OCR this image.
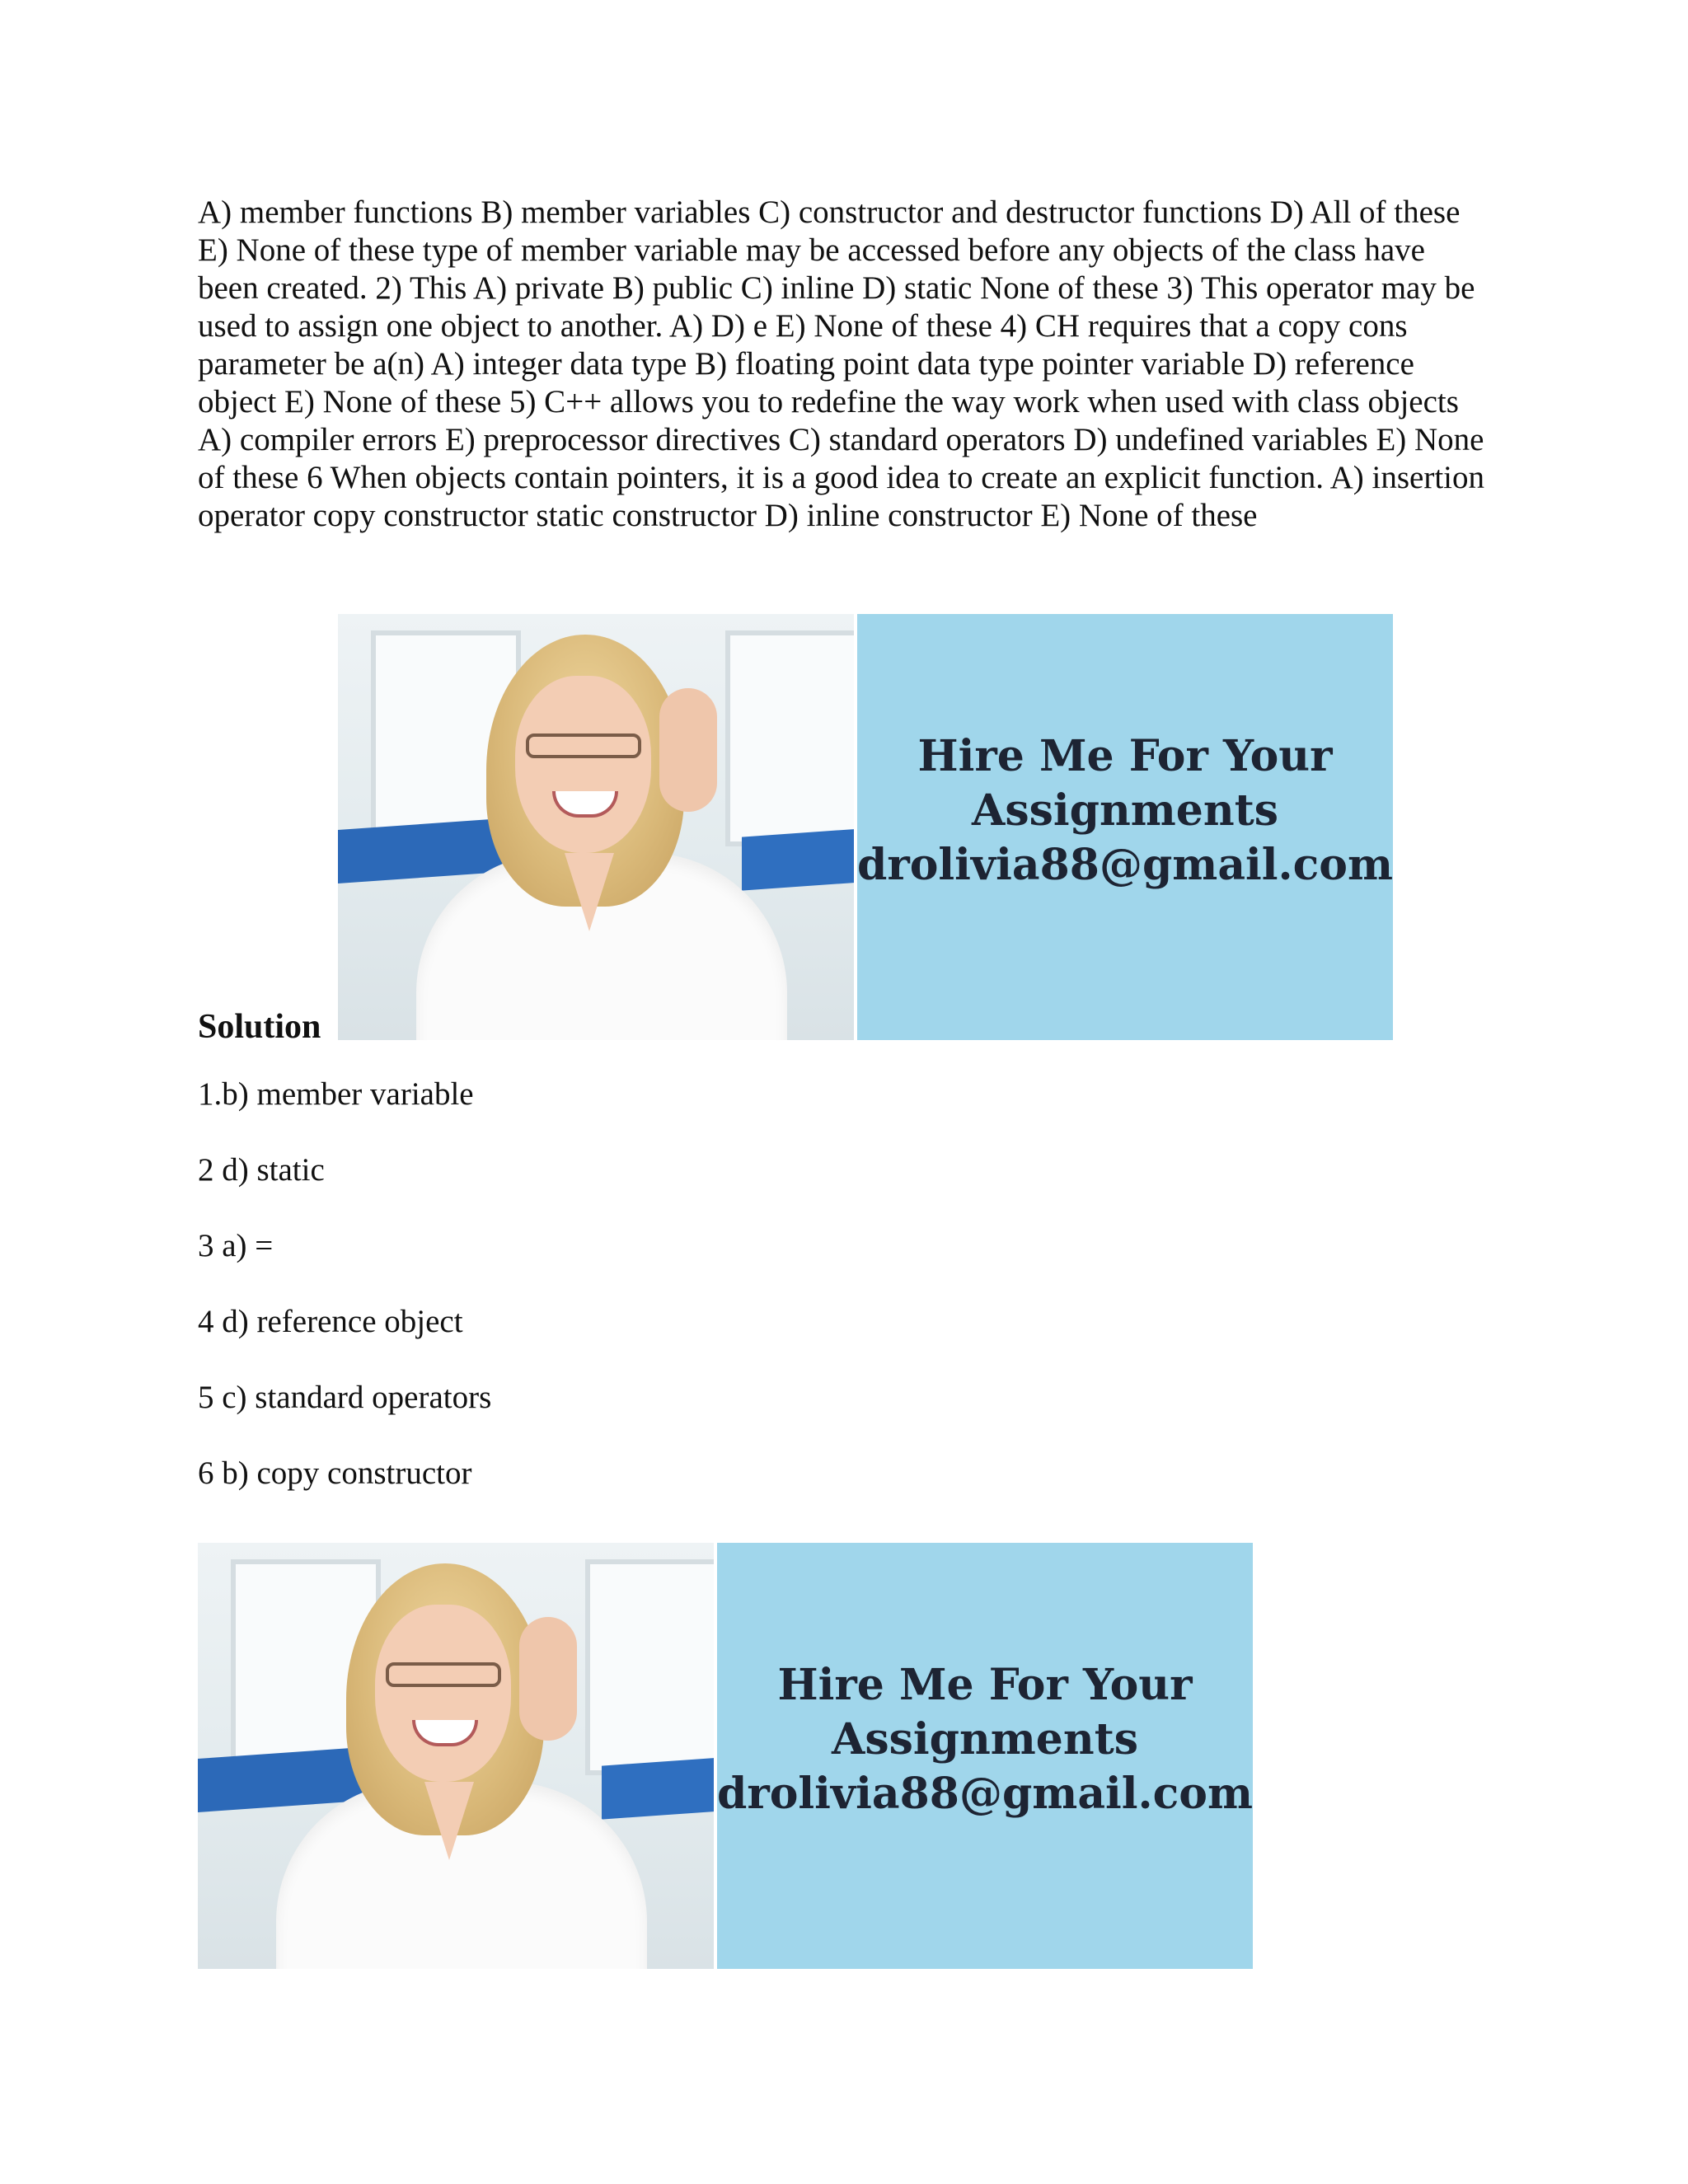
A) member functions B) member variables C) constructor and destructor functions D) All of these E) None of these type of member variable may be accessed before any objects of the class have been created. 2) This A) private B) public C) inline D) static None of these 3) This operator may be used to assign one object to another. A) D) e E) None of these 4) CH requires that a copy cons parameter be a(n) A) integer data type B) floating point data type pointer variable D) reference object E) None of these 5) C++ allows you to redefine the way work when used with class objects A) compiler errors E) preprocessor directives C) standard operators D) undefined variables E) None of these 6 When objects contain pointers, it is a good idea to create an explicit function. A) insertion operator copy constructor static constructor D) inline constructor E) None of these

Hire Me For Your
Assignments
drolivia88@gmail.com

Solution

1.b) member variable

2 d) static

3 a) =

4 d) reference object

5 c) standard operators

6 b) copy constructor

Hire Me For Your
Assignments
drolivia88@gmail.com
